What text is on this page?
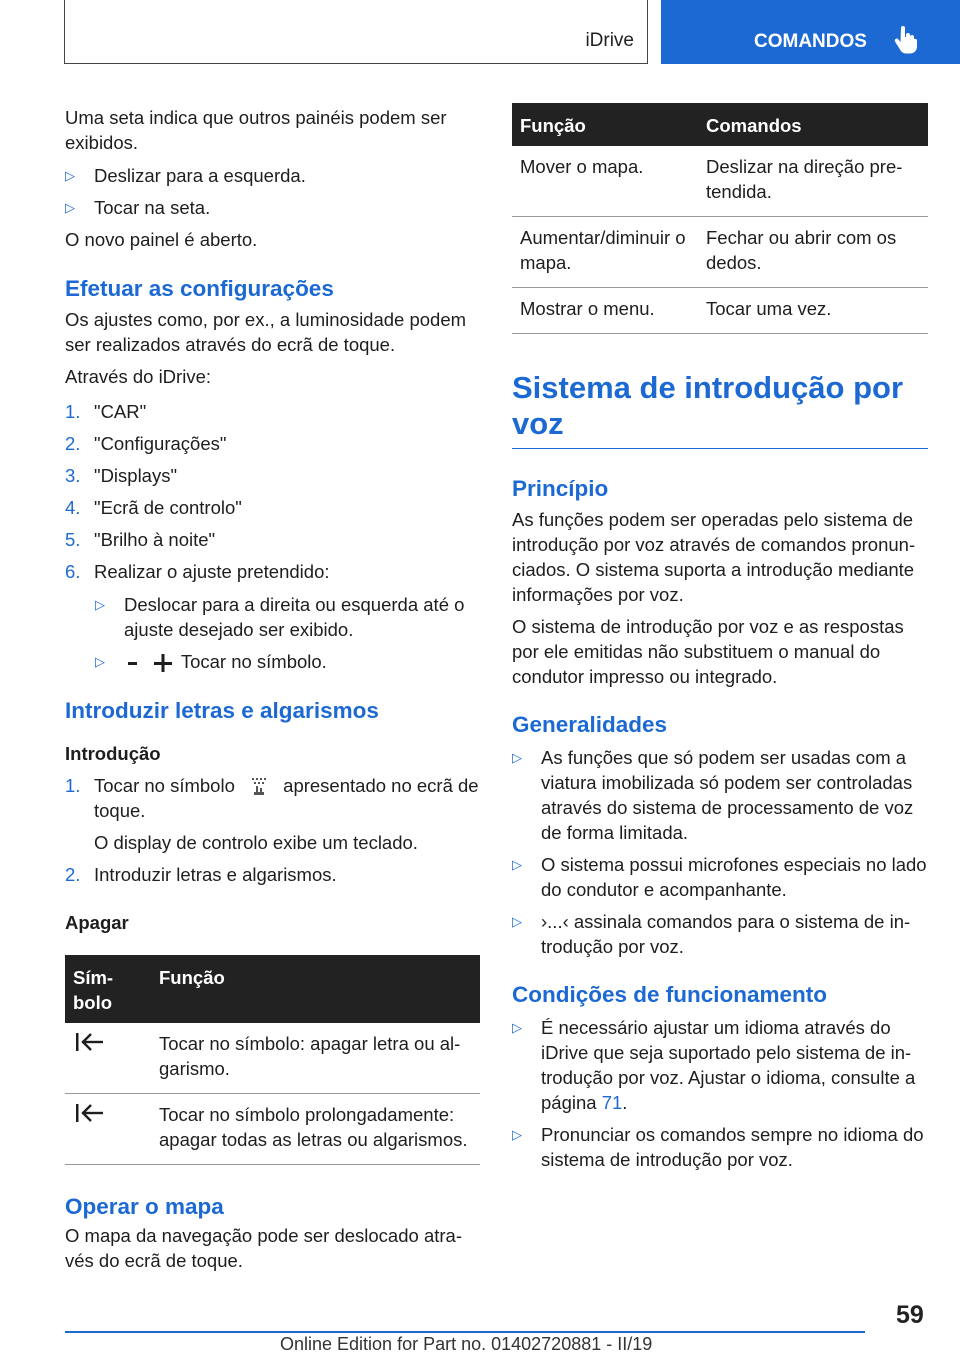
iDrive	COMANDOS

Uma seta indica que outros painéis podem ser exibidos.

▷ Deslizar para a esquerda.

▷ Tocar na seta.

O novo painel é aberto.

Efetuar as configurações

Os ajustes como, por ex., a luminosidade podem ser realizados através do ecrã de toque.

Através do iDrive:

1. "CAR"

2. "Configurações"

3. "Displays"

4. "Ecrã de controlo"

5. "Brilho à noite"

6. Realizar o ajuste pretendido:

▷ Deslocar para a direita ou esquerda até o ajuste desejado ser exibido.

▷	Tocar no símbolo.

Introduzir letras e algarismos

Introdução

1. Tocar no símbolo	apresentado no ecrã de toque.

O display de controlo exibe um teclado.

2. Introduzir letras e algarismos.

Apagar

Sím-bolo	Função
	Tocar no símbolo: apagar letra ou al-garismo.
	Tocar no símbolo prolongadamente: apagar todas as letras ou algarismos.

Operar o mapa

O mapa da navegação pode ser deslocado atra-vés do ecrã de toque.

Função	Comandos
Mover o mapa.	Deslizar na direção pre-tendida.
Aumentar/diminuir o mapa.	Fechar ou abrir com os dedos.
Mostrar o menu.	Tocar uma vez.

Sistema de introdução por voz

Princípio

As funções podem ser operadas pelo sistema de introdução por voz através de comandos pronun-ciados. O sistema suporta a introdução mediante informações por voz.

O sistema de introdução por voz e as respostas por ele emitidas não substituem o manual do condutor impresso ou integrado.

Generalidades

▷ As funções que só podem ser usadas com a viatura imobilizada só podem ser controladas através do sistema de processamento de voz de forma limitada.

▷ O sistema possui microfones especiais no lado do condutor e acompanhante.

▷ ›...‹ assinala comandos para o sistema de in-trodução por voz.

Condições de funcionamento

▷ É necessário ajustar um idioma através do iDrive que seja suportado pelo sistema de in-trodução por voz. Ajustar o idioma, consulte a página 71.

▷ Pronunciar os comandos sempre no idioma do sistema de introdução por voz.

59
Online Edition for Part no. 01402720881 - II/19
